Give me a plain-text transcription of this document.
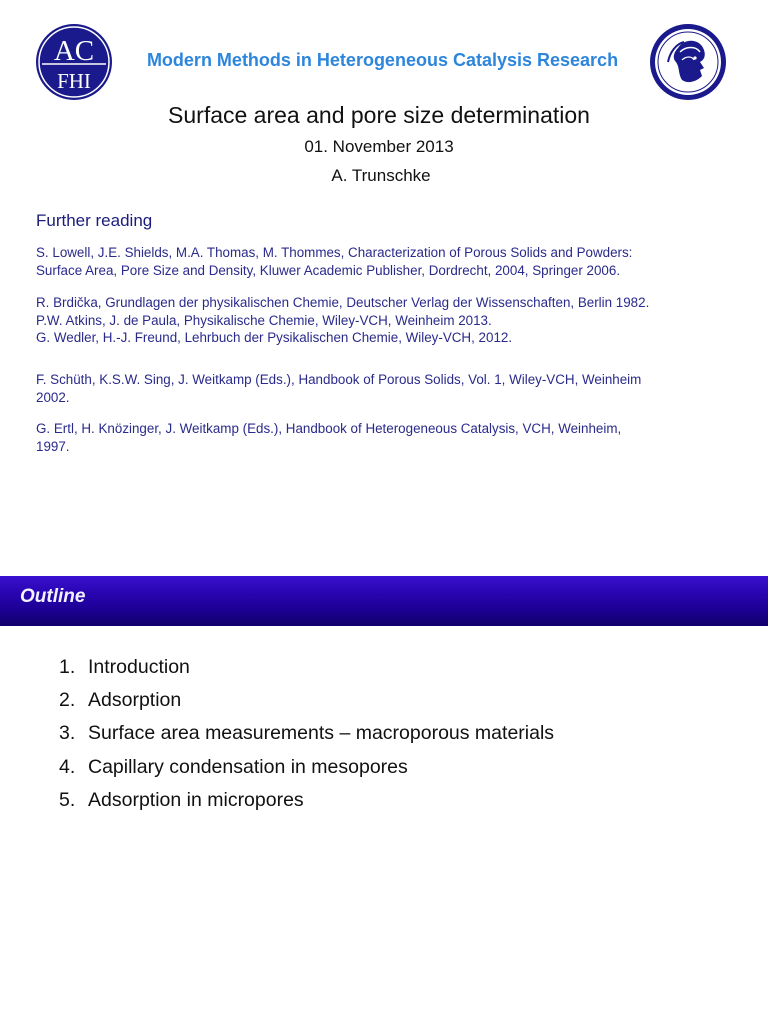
AC
FHI
Modern Methods in Heterogeneous Catalysis Research
Surface area and pore size determination
01. November 2013
A. Trunschke
Further reading
S. Lowell, J.E. Shields, M.A. Thomas, M. Thommes, Characterization of Porous Solids and Powders:
Surface Area, Pore Size and Density, Kluwer Academic Publisher, Dordrecht, 2004, Springer 2006.
R. Brdička, Grundlagen der physikalischen Chemie, Deutscher Verlag der Wissenschaften, Berlin 1982.
P.W. Atkins, J. de Paula, Physikalische Chemie, Wiley-VCH, Weinheim 2013.
G. Wedler, H.-J. Freund, Lehrbuch der Pysikalischen Chemie, Wiley-VCH, 2012.
F. Schüth, K.S.W. Sing, J. Weitkamp (Eds.), Handbook of Porous Solids, Vol. 1, Wiley-VCH, Weinheim
2002.
G. Ertl, H. Knözinger, J. Weitkamp (Eds.), Handbook of Heterogeneous Catalysis, VCH, Weinheim,
1997.
Outline
1. Introduction
2. Adsorption
3. Surface area measurements – macroporous materials
4. Capillary condensation in mesopores
5. Adsorption in micropores
